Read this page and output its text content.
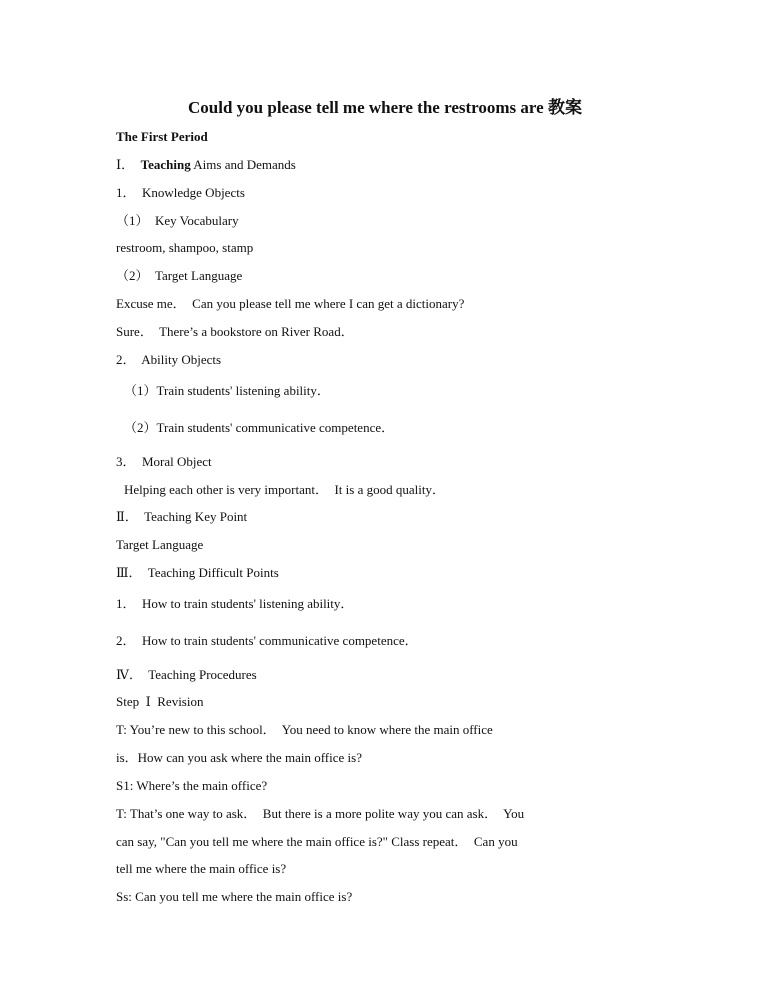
Could you please tell me where the restrooms are 教案

The First Period

Ⅰ．  Teaching Aims and Demands

1．  Knowledge Objects

（1）  Key Vocabulary

restroom, shampoo, stamp

（2）  Target Language

Excuse me．  Can you please tell me where I can get a dictionary?

Sure．  There’s a bookstore on River Road．

2．  Ability Objects

（1）Train students' listening ability．

（2）Train students' communicative competence．

3．  Moral Object

Helping each other is very important．  It is a good quality．

Ⅱ．  Teaching Key Point

Target Language

Ⅲ．  Teaching Difficult Points

1．  How to train students' listening ability．

2．  How to train students' communicative competence．

Ⅳ．  Teaching Procedures

Step  Ⅰ  Revision

T: You’re new to this school．  You need to know where the main office

is．How can you ask where the main office is?

S1: Where’s the main office?

T: That’s one way to ask．  But there is a more polite way you can ask．  You

can say, "Can you tell me where the main office is?" Class repeat．  Can you

tell me where the main office is?

Ss: Can you tell me where the main office is?
